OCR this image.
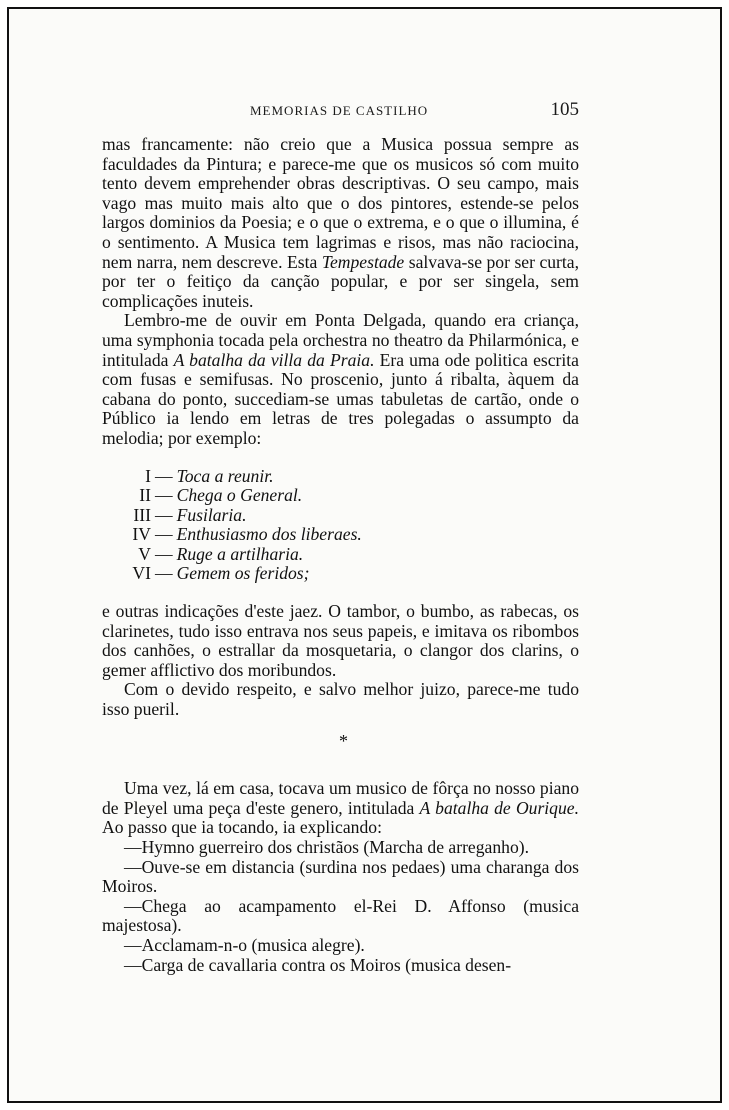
MEMORIAS DE CASTILHO	105

mas francamente: não creio que a Musica possua sempre as faculdades da Pintura; e parece-me que os musicos só com muito tento devem emprehender obras descriptivas. O seu campo, mais vago mas muito mais alto que o dos pintores, estende-se pelos largos dominios da Poesia; e o que o extrema, e o que o illumina, é o sentimento. A Musica tem lagrimas e risos, mas não raciocina, nem narra, nem descreve. Esta Tempestade salvava-se por ser curta, por ter o feitiço da canção popular, e por ser singela, sem complicações inuteis.

Lembro-me de ouvir em Ponta Delgada, quando era criança, uma symphonia tocada pela orchestra no theatro da Philarmónica, e intitulada A batalha da villa da Praia. Era uma ode politica escrita com fusas e semifusas. No proscenio, junto á ribalta, àquem da cabana do ponto, succediam-se umas tabuletas de cartão, onde o Público ia lendo em letras de tres polegadas o assumpto da melodia; por exemplo:

I — Toca a reunir.
II — Chega o General.
III — Fusilaria.
IV — Enthusiasmo dos liberaes.
V — Ruge a artilharia.
VI — Gemem os feridos;

e outras indicações d'este jaez. O tambor, o bumbo, as rabecas, os clarinetes, tudo isso entrava nos seus papeis, e imitava os ribombos dos canhões, o estrallar da mosquetaria, o clangor dos clarins, o gemer afflictivo dos moribundos.

Com o devido respeito, e salvo melhor juizo, parece-me tudo isso pueril.

*

Uma vez, lá em casa, tocava um musico de fôrça no nosso piano de Pleyel uma peça d'este genero, intitulada A batalha de Ourique. Ao passo que ia tocando, ia explicando:

—Hymno guerreiro dos christãos (Marcha de arreganho).

—Ouve-se em distancia (surdina nos pedaes) uma charanga dos Moiros.

—Chega ao acampamento el-Rei D. Affonso (musica majestosa).

—Acclamam-n-o (musica alegre).

—Carga de cavallaria contra os Moiros (musica desen-
